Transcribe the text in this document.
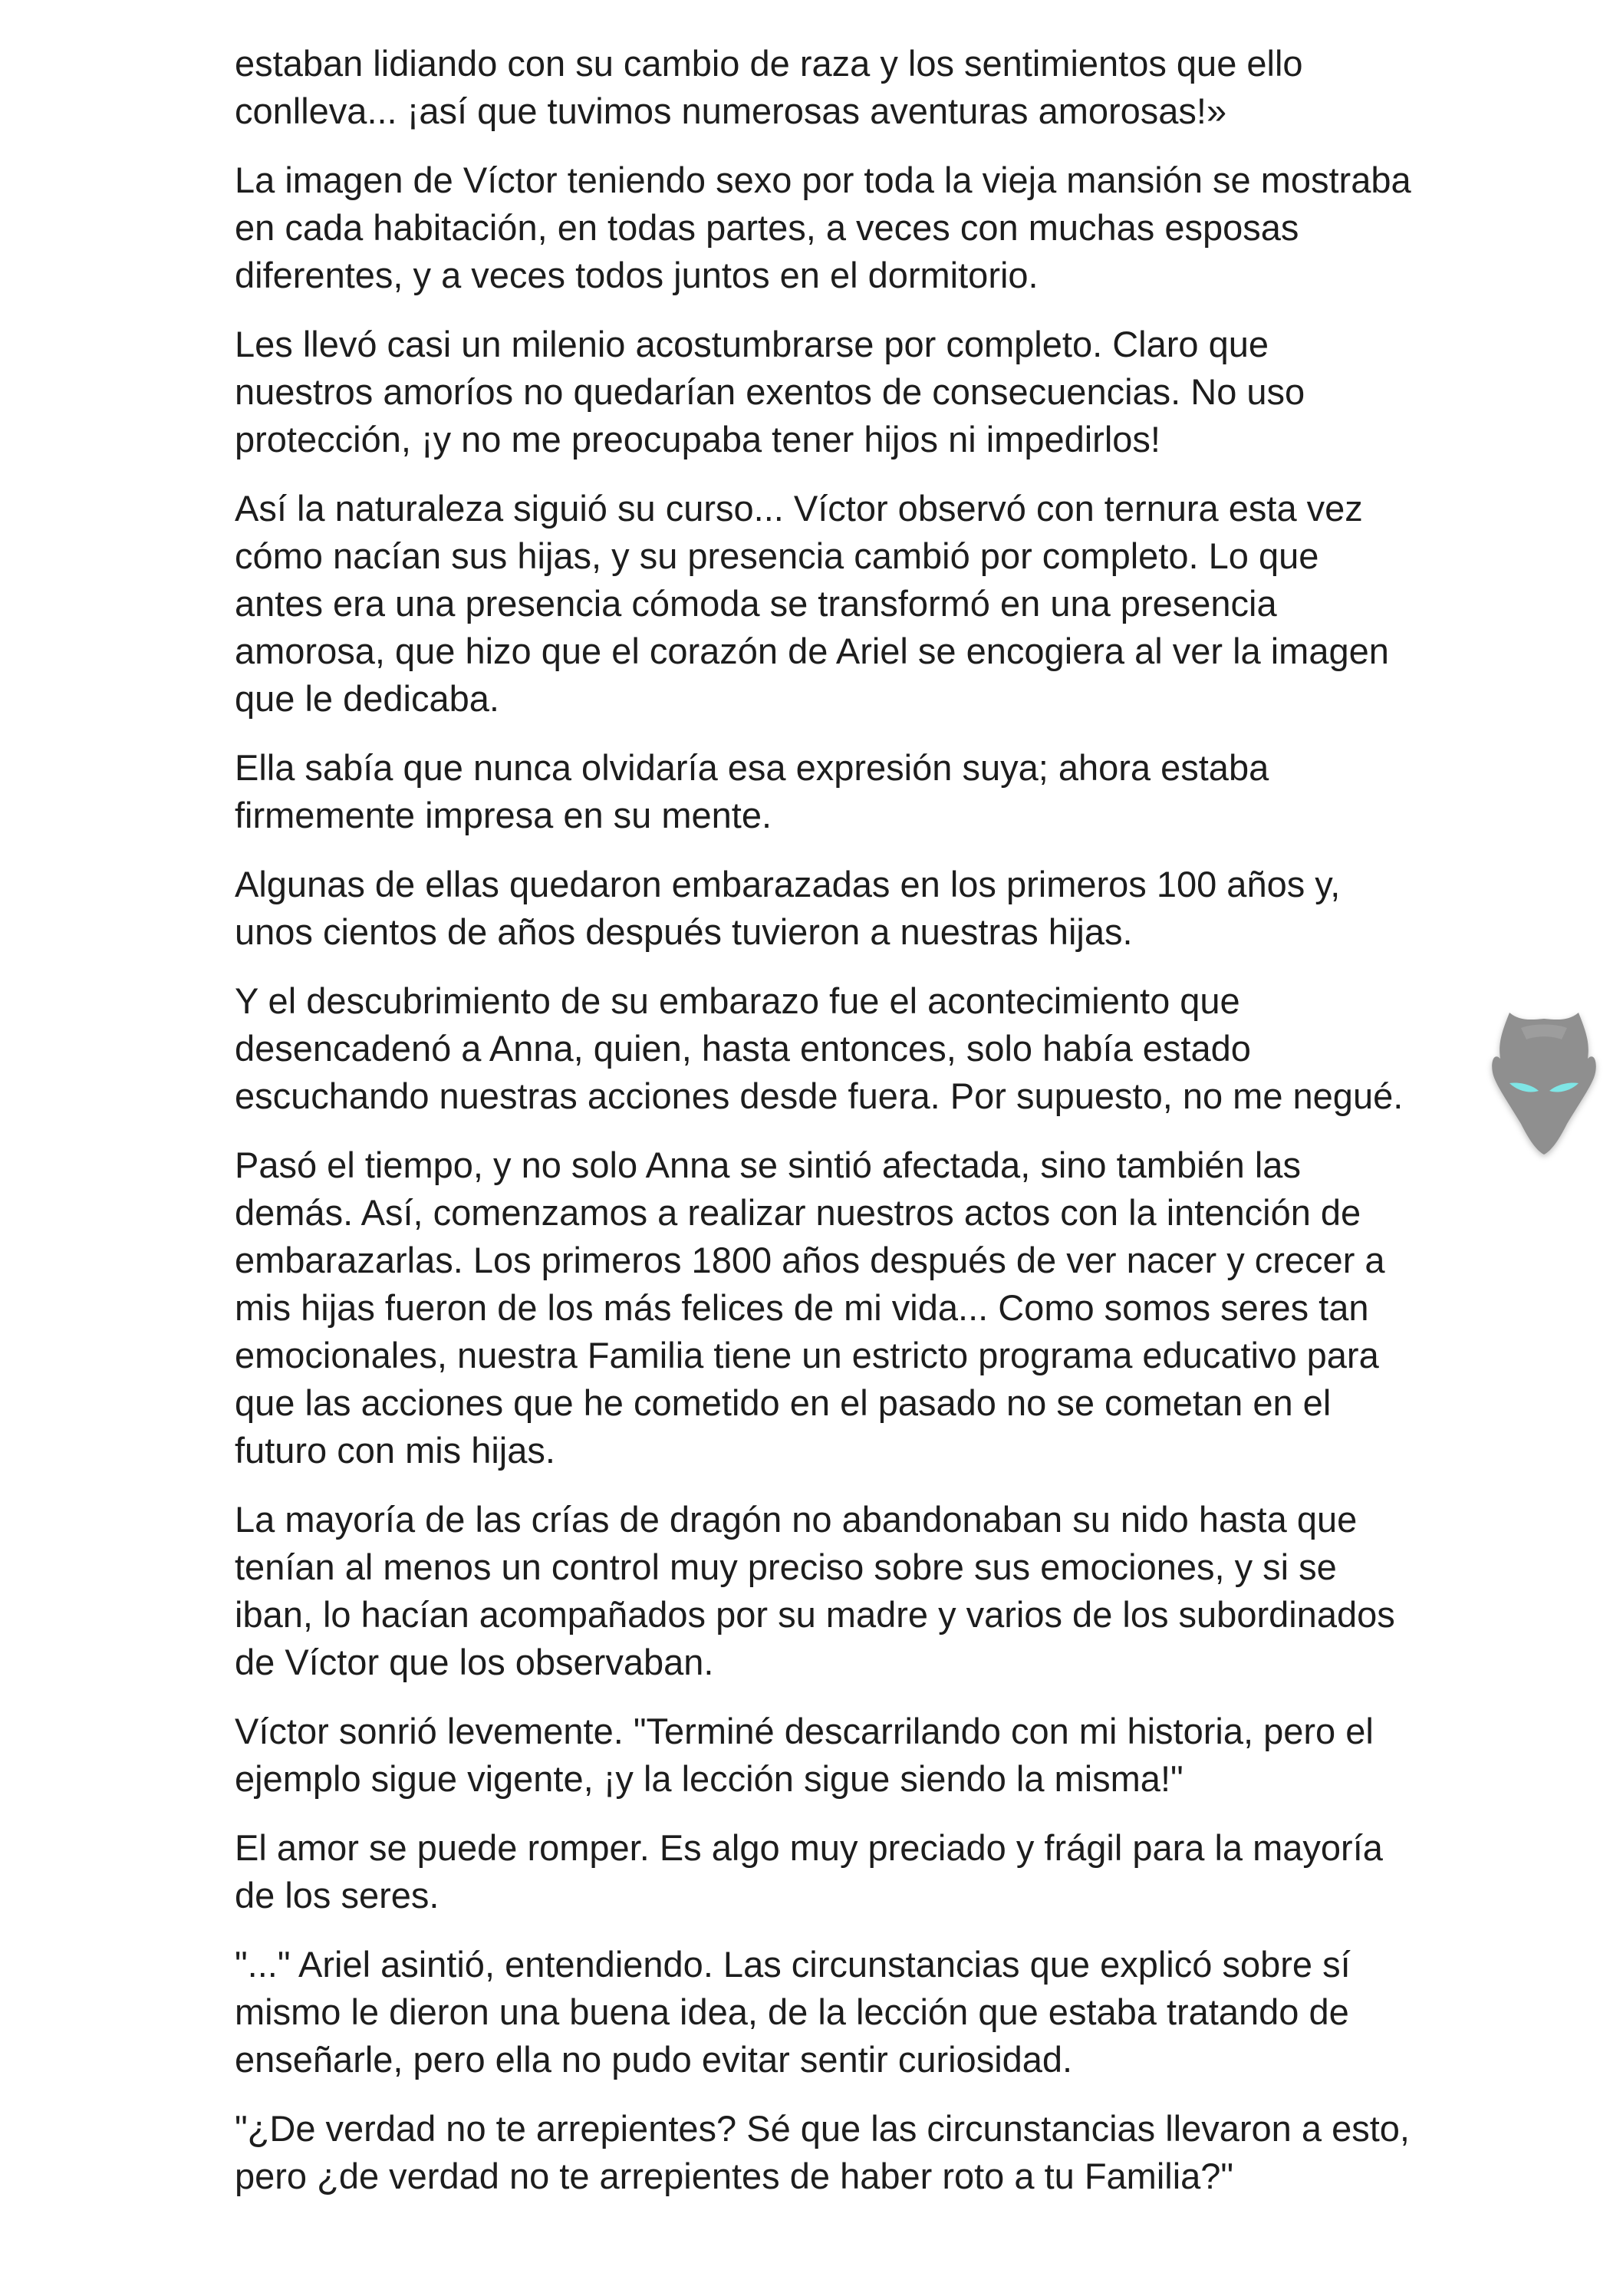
estaban lidiando con su cambio de raza y los sentimientos que ello conlleva... ¡así que tuvimos numerosas aventuras amorosas!»

La imagen de Víctor teniendo sexo por toda la vieja mansión se mostraba en cada habitación, en todas partes, a veces con muchas esposas diferentes, y a veces todos juntos en el dormitorio.

Les llevó casi un milenio acostumbrarse por completo. Claro que nuestros amoríos no quedarían exentos de consecuencias. No uso protección, ¡y no me preocupaba tener hijos ni impedirlos!

Así la naturaleza siguió su curso... Víctor observó con ternura esta vez cómo nacían sus hijas, y su presencia cambió por completo. Lo que antes era una presencia cómoda se transformó en una presencia amorosa, que hizo que el corazón de Ariel se encogiera al ver la imagen que le dedicaba.

Ella sabía que nunca olvidaría esa expresión suya; ahora estaba firmemente impresa en su mente.

Algunas de ellas quedaron embarazadas en los primeros 100 años y, unos cientos de años después tuvieron a nuestras hijas.

Y el descubrimiento de su embarazo fue el acontecimiento que desencadenó a Anna, quien, hasta entonces, solo había estado escuchando nuestras acciones desde fuera. Por supuesto, no me negué.

Pasó el tiempo, y no solo Anna se sintió afectada, sino también las demás. Así, comenzamos a realizar nuestros actos con la intención de embarazarlas. Los primeros 1800 años después de ver nacer y crecer a mis hijas fueron de los más felices de mi vida... Como somos seres tan emocionales, nuestra Familia tiene un estricto programa educativo para que las acciones que he cometido en el pasado no se cometan en el futuro con mis hijas.

La mayoría de las crías de dragón no abandonaban su nido hasta que tenían al menos un control muy preciso sobre sus emociones, y si se iban, lo hacían acompañados por su madre y varios de los subordinados de Víctor que los observaban.

Víctor sonrió levemente. "Terminé descarrilando con mi historia, pero el ejemplo sigue vigente, ¡y la lección sigue siendo la misma!"

El amor se puede romper. Es algo muy preciado y frágil para la mayoría de los seres.

"..." Ariel asintió, entendiendo. Las circunstancias que explicó sobre sí mismo le dieron una buena idea, de la lección que estaba tratando de enseñarle, pero ella no pudo evitar sentir curiosidad.

"¿De verdad no te arrepientes? Sé que las circunstancias llevaron a esto, pero ¿de verdad no te arrepientes de haber roto a tu Familia?"
